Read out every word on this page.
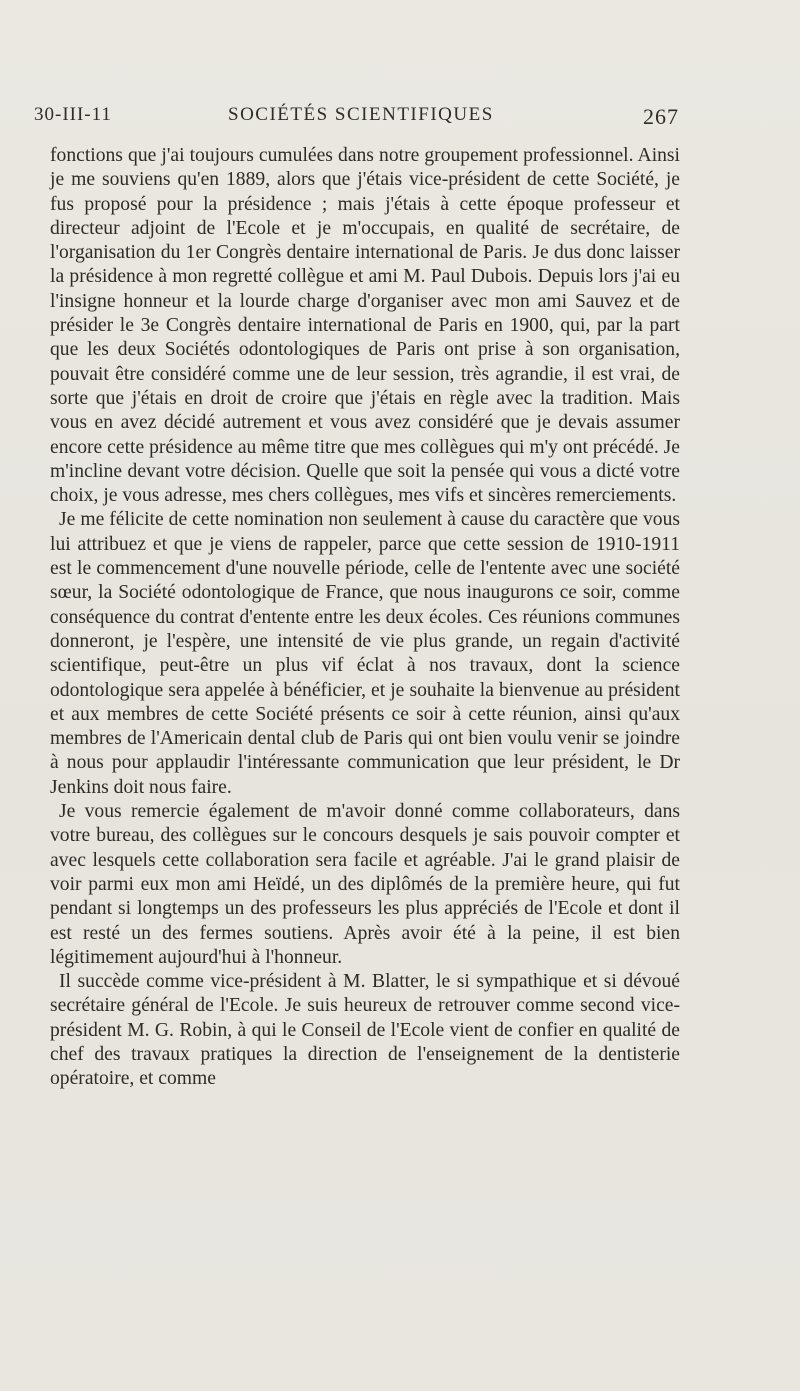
30-III-11	SOCIÉTÉS SCIENTIFIQUES	267

fonctions que j'ai toujours cumulées dans notre groupement professionnel. Ainsi je me souviens qu'en 1889, alors que j'étais vice-président de cette Société, je fus proposé pour la présidence ; mais j'étais à cette époque professeur et directeur adjoint de l'Ecole et je m'occupais, en qualité de secrétaire, de l'organisation du 1er Congrès dentaire international de Paris. Je dus donc laisser la présidence à mon regretté collègue et ami M. Paul Dubois. Depuis lors j'ai eu l'insigne honneur et la lourde charge d'organiser avec mon ami Sauvez et de présider le 3e Congrès dentaire international de Paris en 1900, qui, par la part que les deux Sociétés odontologiques de Paris ont prise à son organisation, pouvait être considéré comme une de leur session, très agrandie, il est vrai, de sorte que j'étais en droit de croire que j'étais en règle avec la tradition. Mais vous en avez décidé autrement et vous avez considéré que je devais assumer encore cette présidence au même titre que mes collègues qui m'y ont précédé. Je m'incline devant votre décision. Quelle que soit la pensée qui vous a dicté votre choix, je vous adresse, mes chers collègues, mes vifs et sincères remerciements.

Je me félicite de cette nomination non seulement à cause du caractère que vous lui attribuez et que je viens de rappeler, parce que cette session de 1910-1911 est le commencement d'une nouvelle période, celle de l'entente avec une société sœur, la Société odontologique de France, que nous inaugurons ce soir, comme conséquence du contrat d'entente entre les deux écoles. Ces réunions communes donneront, je l'espère, une intensité de vie plus grande, un regain d'activité scientifique, peut-être un plus vif éclat à nos travaux, dont la science odontologique sera appelée à bénéficier, et je souhaite la bienvenue au président et aux membres de cette Société présents ce soir à cette réunion, ainsi qu'aux membres de l'Americain dental club de Paris qui ont bien voulu venir se joindre à nous pour applaudir l'intéressante communication que leur président, le Dr Jenkins doit nous faire.

Je vous remercie également de m'avoir donné comme collaborateurs, dans votre bureau, des collègues sur le concours desquels je sais pouvoir compter et avec lesquels cette collaboration sera facile et agréable. J'ai le grand plaisir de voir parmi eux mon ami Heïdé, un des diplômés de la première heure, qui fut pendant si longtemps un des professeurs les plus appréciés de l'Ecole et dont il est resté un des fermes soutiens. Après avoir été à la peine, il est bien légitimement aujourd'hui à l'honneur.

Il succède comme vice-président à M. Blatter, le si sympathique et si dévoué secrétaire général de l'Ecole. Je suis heureux de retrouver comme second vice-président M. G. Robin, à qui le Conseil de l'Ecole vient de confier en qualité de chef des travaux pratiques la direction de l'enseignement de la dentisterie opératoire, et comme
